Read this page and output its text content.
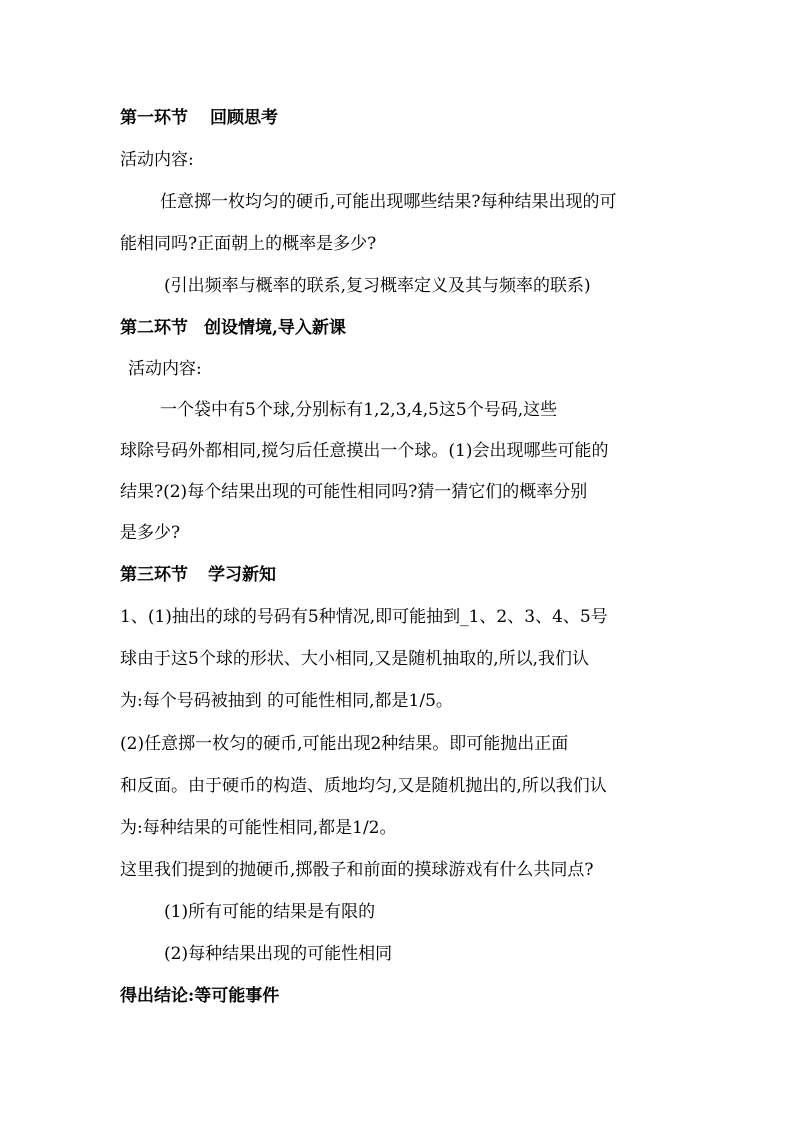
第一环节 回顾思考
活动内容:
任意掷一枚均匀的硬币,可能出现哪些结果?每种结果出现的可
能相同吗?正面朝上的概率是多少?
(引出频率与概率的联系,复习概率定义及其与频率的联系)
第二环节 创设情境,导入新课
活动内容:
一个袋中有5个球,分别标有1,2,3,4,5这5个号码,这些
球除号码外都相同,搅匀后任意摸出一个球。(1)会出现哪些可能的
结果?(2)每个结果出现的可能性相同吗?猜一猜它们的概率分别
是多少?
第三环节 学习新知
1、(1)抽出的球的号码有5种情况,即可能抽到_1、2、3、4、5号
球由于这5个球的形状、大小相同,又是随机抽取的,所以,我们认
为:每个号码被抽到 的可能性相同,都是1/5。
(2)任意掷一枚匀的硬币,可能出现2种结果。即可能抛出正面
和反面。由于硬币的构造、质地均匀,又是随机抛出的,所以我们认
为:每种结果的可能性相同,都是1/2。
这里我们提到的抛硬币,掷骰子和前面的摸球游戏有什么共同点?
(1)所有可能的结果是有限的
(2)每种结果出现的可能性相同
得出结论:等可能事件
